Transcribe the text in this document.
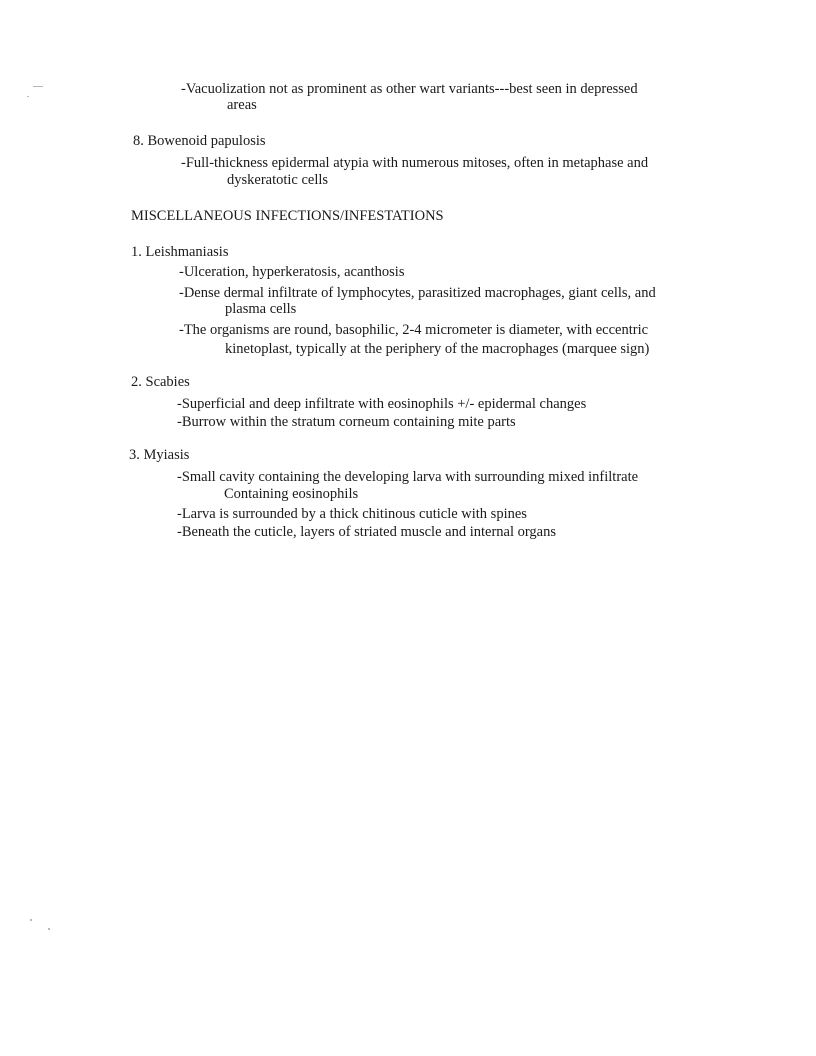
-Vacuolization not as prominent as other wart variants---best seen in depressed
areas
8. Bowenoid papulosis
-Full-thickness epidermal atypia with numerous mitoses, often in metaphase and
dyskeratotic cells
MISCELLANEOUS INFECTIONS/INFESTATIONS
1. Leishmaniasis
-Ulceration, hyperkeratosis, acanthosis
-Dense dermal infiltrate of lymphocytes, parasitized macrophages, giant cells, and
plasma cells
-The organisms are round, basophilic, 2-4 micrometer is diameter, with eccentric
kinetoplast, typically at the periphery of the macrophages (marquee sign)
2. Scabies
-Superficial and deep infiltrate with eosinophils +/- epidermal changes
-Burrow within the stratum corneum containing mite parts
3. Myiasis
-Small cavity containing the developing larva with surrounding mixed infiltrate
Containing eosinophils
-Larva is surrounded by a thick chitinous cuticle with spines
-Beneath the cuticle, layers of striated muscle and internal organs
